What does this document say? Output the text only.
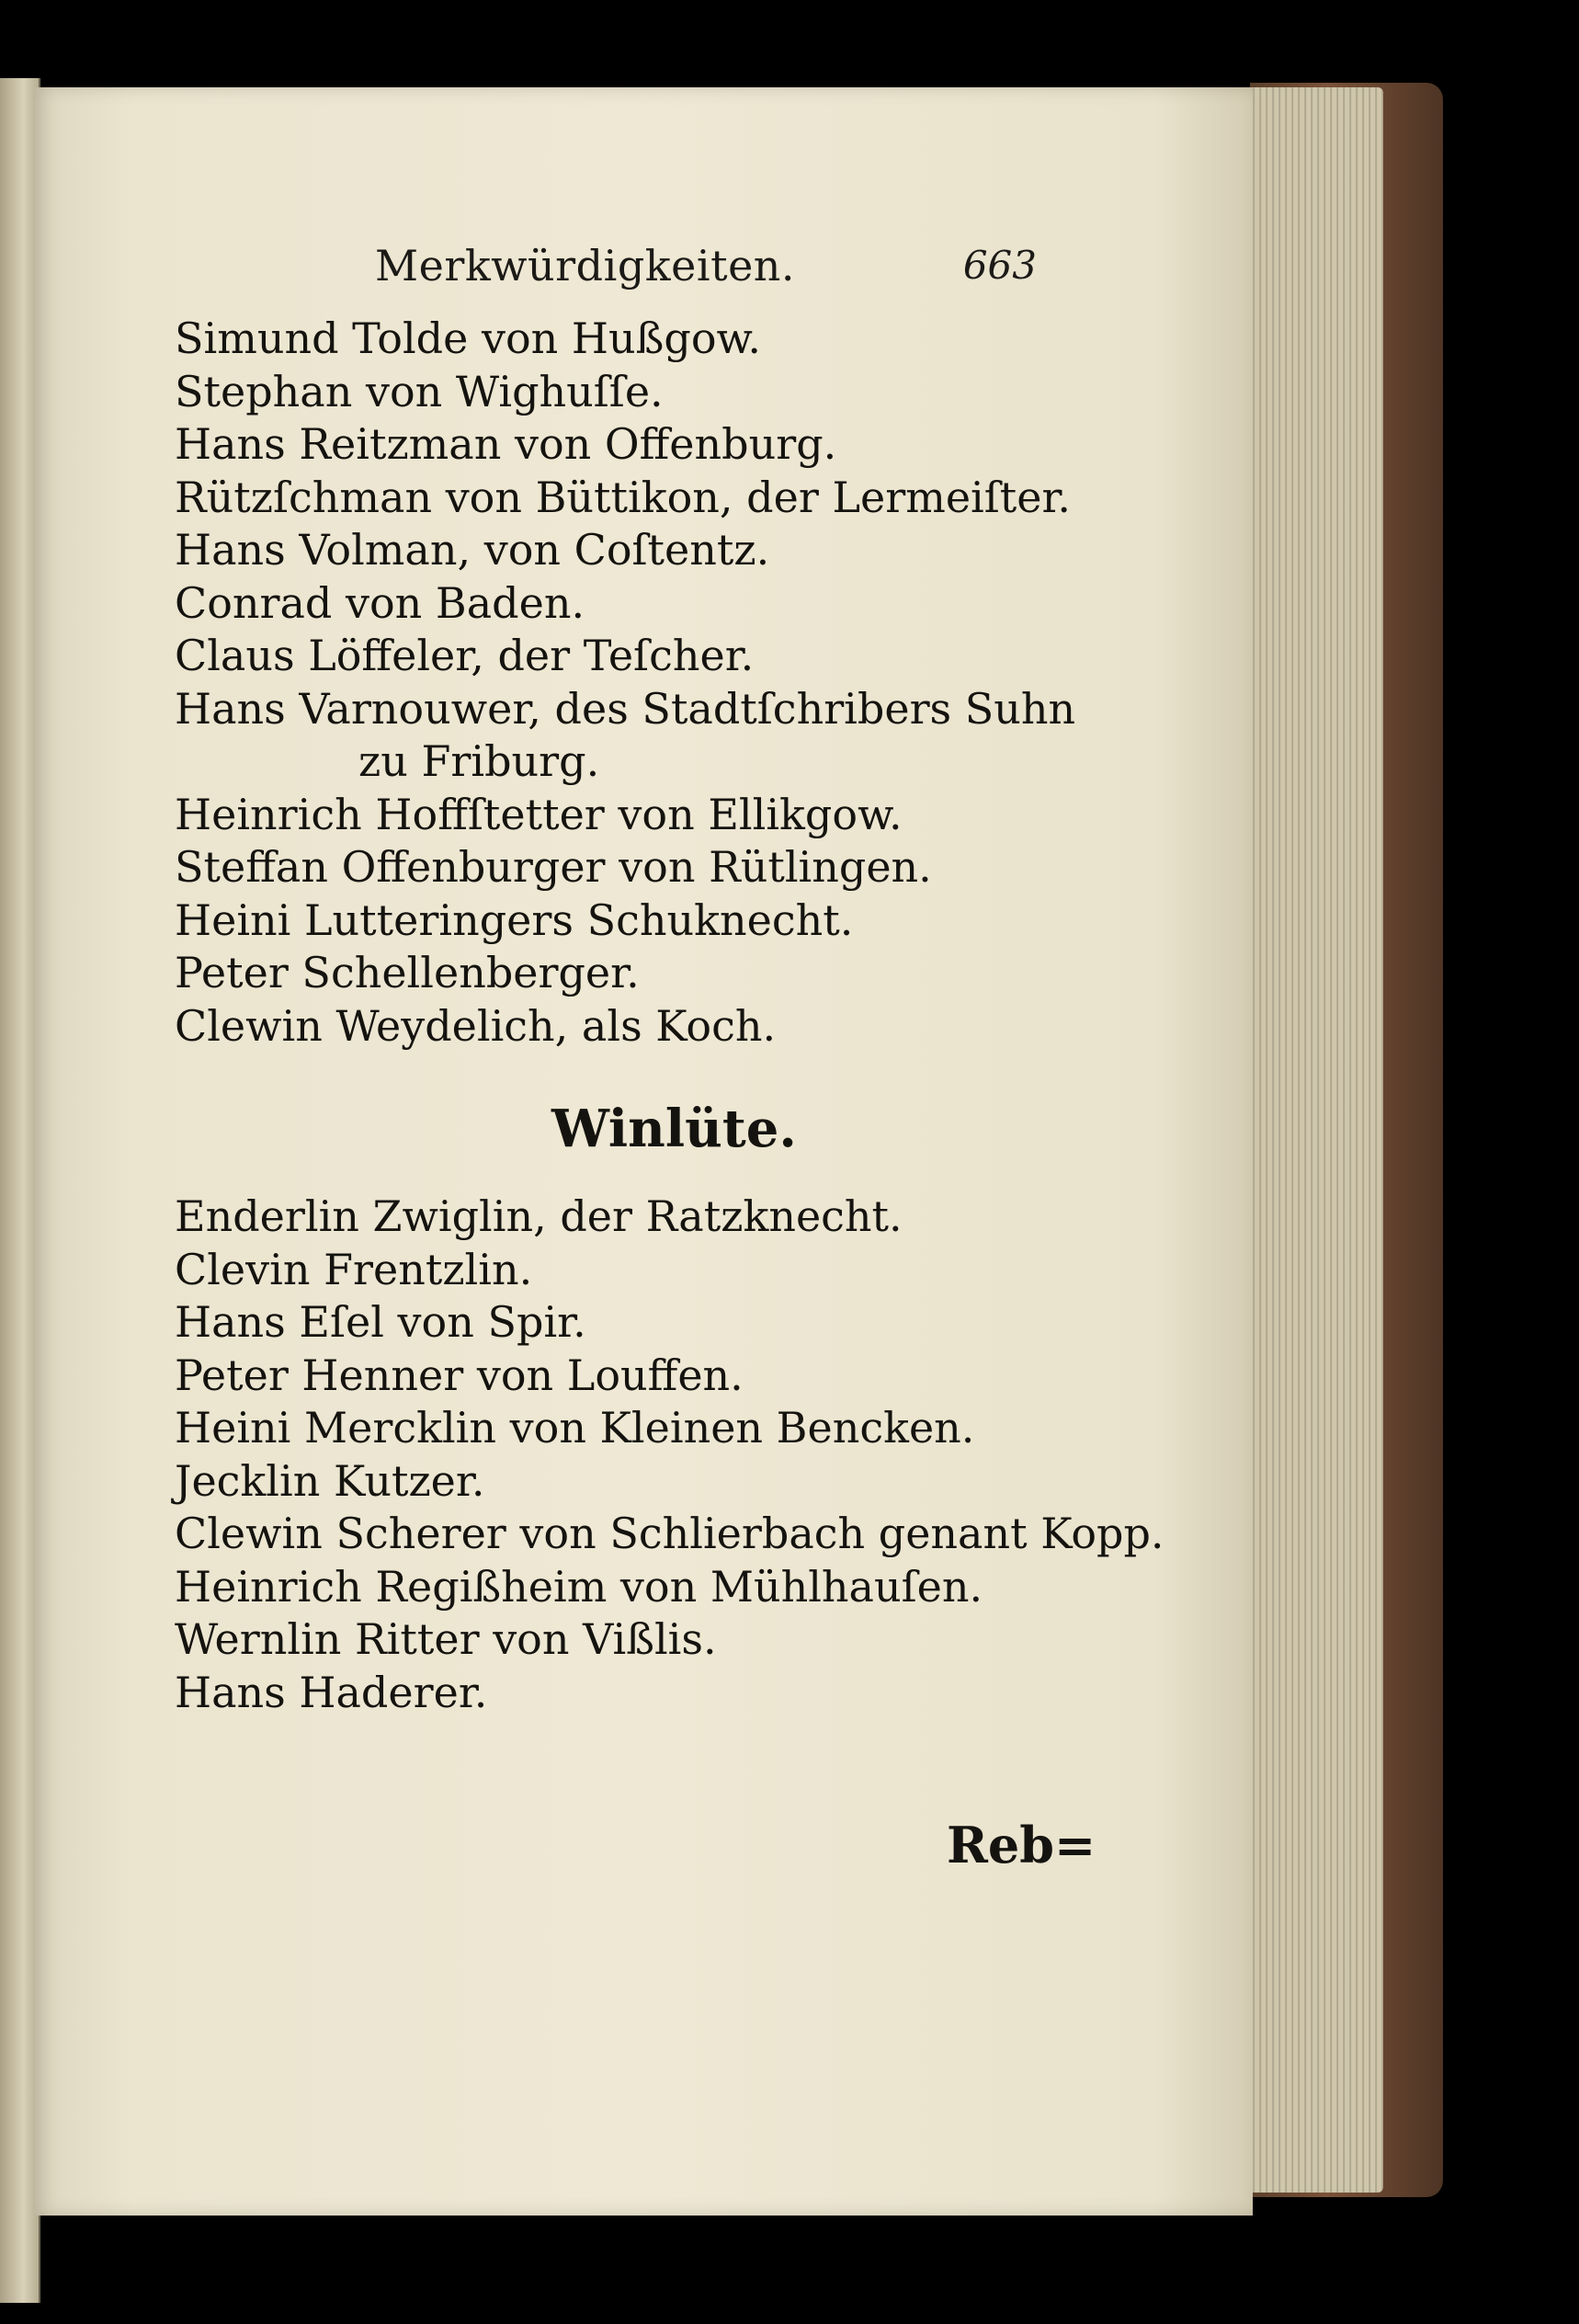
Merkwürdigkeiten.	663
Simund Tolde von Hußgow.
Stephan von Wighuſſe.
Hans Reitzman von Offenburg.
Rützſchman von Büttikon, der Lermeiſter.
Hans Volman, von Coſtentz.
Conrad von Baden.
Claus Löffeler, der Teſcher.
Hans Varnouwer, des Stadtſchribers Suhn
zu Friburg.
Heinrich Hoffſtetter von Ellikgow.
Steffan Offenburger von Rütlingen.
Heini Lutteringers Schuknecht.
Peter Schellenberger.
Clewin Weydelich, als Koch.
Winlüte.
Enderlin Zwiglin, der Ratzknecht.
Clevin Frentzlin.
Hans Eſel von Spir.
Peter Henner von Louffen.
Heini Mercklin von Kleinen Bencken.
Jecklin Kutzer.
Clewin Scherer von Schlierbach genant Kopp.
Heinrich Regißheim von Mühlhauſen.
Wernlin Ritter von Vißlis.
Hans Haderer.
Reb=
